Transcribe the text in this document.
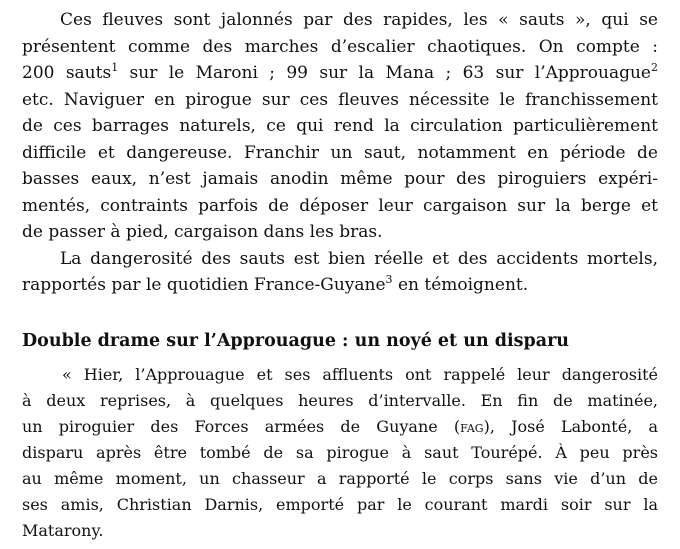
Ces fleuves sont jalonnés par des rapides, les « sauts », qui se
présentent comme des marches d’escalier chaotiques. On compte :
200 sauts$^1$ sur le Maroni ; 99 sur la Mana ; 63 sur l’Approuague$^2$
etc. Naviguer en pirogue sur ces fleuves nécessite le franchissement
de ces barrages naturels, ce qui rend la circulation particulièrement
difficile et dangereuse. Franchir un saut, notamment en période de
basses eaux, n’est jamais anodin même pour des piroguiers expéri-
mentés, contraints parfois de déposer leur cargaison sur la berge et
de passer à pied, cargaison dans les bras.

La dangerosité des sauts est bien réelle et des accidents mortels,
rapportés par le quotidien France-Guyane$^3$ en témoignent.

Double drame sur l’Approuague : un noyé et un disparu
« Hier, l’Approuague et ses affluents ont rappelé leur dangerosité
à deux reprises, à quelques heures d’intervalle. En fin de matinée,
un piroguier des Forces armées de Guyane (fag), José Labonté, a
disparu après être tombé de sa pirogue à saut Tourépé. À peu près
au même moment, un chasseur a rapporté le corps sans vie d’un de
ses amis, Christian Darnis, emporté par le courant mardi soir sur la
Matarony.
